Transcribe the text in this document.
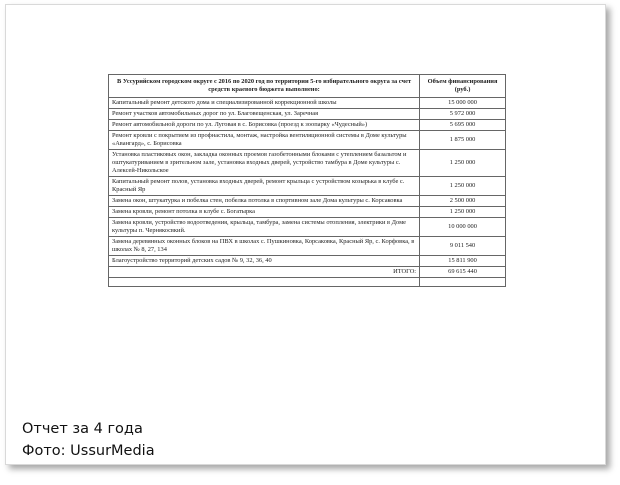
В Уссурийском городском округе с 2016 по 2020 год по территории 5-го избирательного округа за счет средств краевого бюджета выполнено:	Объем финансирования (руб.)
Капитальный ремонт детского дома и специализированной коррекционной школы	15 000 000
Ремонт участков автомобильных дорог по ул. Благовещенская, ул. Заречная	5 972 000
Ремонт автомобильной дороги по ул. Луговая в с. Борисовка (проезд к зоопарку «Чудесный»)	5 695 000
Ремонт кровли с покрытием из профнастила, монтаж, настройка вентиляционной системы в Доме культуры «Авангард», с. Борисовка	1 875 000
Установка пластиковых окон, закладка оконных проемов газобетонными блоками с утеплением базальтом и оштукатуриванием в зрительном зале, установка входных дверей, устройство тамбура в Доме культуры с. Алексей-Никольское	1 250 000
Капитальный ремонт полов, установка входных дверей, ремонт крыльца с устройством козырька в клубе с. Красный Яр	1 250 000
Замена окон, штукатурка и побелка стен, побелка потолка в спортивном зале Дома культуры с. Корсаковка	2 500 000
Замена кровли, ремонт потолка в клубе с. Богатырка	1 250 000
Замена кровли, устройство водоотведения, крыльца, тамбура, замена системы отопления, электрики в Доме культуры п. Чернякосвкий.	10 000 000
Замена деревянных оконных блоков на ПВХ в школах с. Пушкиновка, Корсаковка, Красный Яр, с. Корфовка, в школах № 8, 27, 134	9 011 540
Благоустройство территорий детских садов № 9, 32, 36, 40	15 811 900
ИТОГО:	69 615 440

Отчет за 4 года
Фото: UssurMedia
